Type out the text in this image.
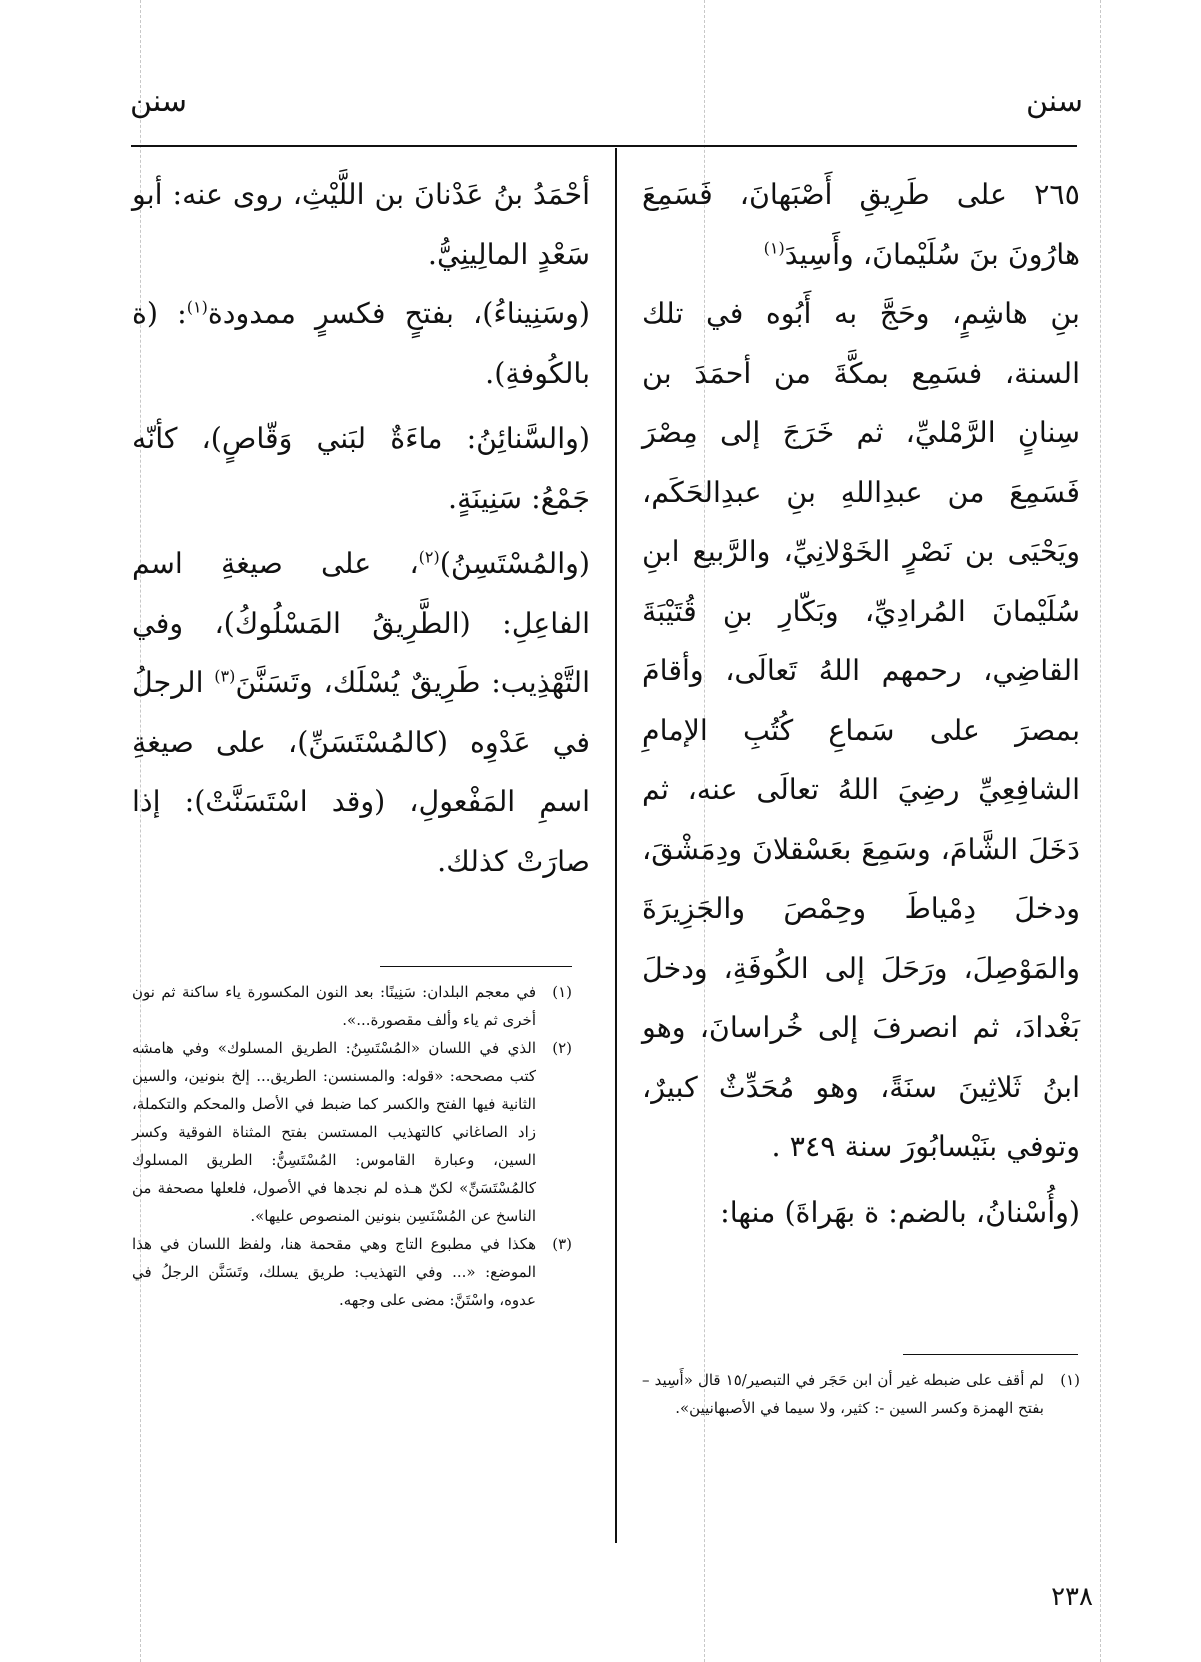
سنن
سنن

٢٦٥ على طَرِيقِ أَصْبَهانَ، فَسَمِعَ هارُونَ بنَ سُلَيْمانَ، وأَسِيدَ$^{(١)}$

بنِ هاشِمٍ، وحَجَّ به أَبُوه في تلك السنة، فسَمِع بمكَّةَ من أحمَدَ بن سِنانٍ الرَّمْليِّ، ثم خَرَجَ إلى مِصْرَ فَسَمِعَ من عبدِاللهِ بنِ عبدِالحَكَم، ويَحْيَى بن نَصْرٍ الخَوْلانِيِّ، والرَّبيع ابنِ سُلَيْمانَ المُرادِيِّ، وبَكّارِ بنِ قُتَيْبَةَ القاضِي، رحمهم اللهُ تَعالَى، وأقامَ بمصرَ على سَماعِ كُتُبِ الإمامِ الشافِعِيِّ رضِيَ اللهُ تعالَى عنه، ثم دَخَلَ الشَّامَ، وسَمِعَ بعَسْقلانَ ودِمَشْقَ، ودخلَ دِمْياطَ وحِمْصَ والجَزِيرَةَ والمَوْصِلَ، ورَحَلَ إلى الكُوفَةِ، ودخلَ بَغْدادَ، ثم انصرفَ إلى خُراسانَ، وهو ابنُ ثَلاثِينَ سنَةً، وهو مُحَدِّثٌ كبيرٌ، وتوفي بنَيْسابُورَ سنة ٣٤٩ .

(وأُسْنانُ، بالضم: ة بهَراةَ) منها:

(١)
لم أقف على ضبطه غير أن ابن حَجَر في التبصير/١٥ قال «أَسِيد – بفتح الهمزة وكسر السين -: كثير، ولا سيما في الأصبهانيين».

أحْمَدُ بنُ عَدْنانَ بن اللَّيْثِ، روى عنه: أبو سَعْدٍ المالِينِيُّ.

(وسَنِيناءُ)، بفتحٍ فكسرٍ ممدودة$^{(١)}$: (ة بالكُوفةِ).

(والسَّنائِنُ: ماءَةٌ لبَني وَقّاصٍ)، كأنّه جَمْعُ: سَنِينَةٍ.

(والمُسْتَسِنُ)$^{(٢)}$، على صيغةِ اسم الفاعِلِ: (الطَّرِيقُ المَسْلُوكُ)، وفي التَّهْذِيب: طَرِيقٌ يُسْلَك، وتَسَنَّنَ$^{(٣)}$ الرجلُ في عَدْوِه (كالمُسْتَسَنِّ)، على صيغةِ اسمِ المَفْعولِ، (وقد اسْتَسَنَّتْ): إذا صارَتْ كذلك.

(١)
في معجم البلدان: سَنِينًا: بعد النون المكسورة ياء ساكنة ثم نون أخرى ثم ياء وألف مقصورة...».
(٢)
الذي في اللسان «المُسْتَسِنُ: الطريق المسلوك» وفي هامشه كتب مصححه: «قوله: والمسنسن: الطريق... إلخ بنونين، والسين الثانية فيها الفتح والكسر كما ضبط في الأصل والمحكم والتكملة، زاد الصاغاني كالتهذيب المستسن بفتح المثناة الفوقية وكسر السين، وعبارة القاموس: المُسْتَسِنُّ: الطريق المسلوك كالمُسْتَسَنِّ» لكنّ هـذه لم نجدها في الأصول، فلعلها مصحفة من الناسخ عن المُسْنَسِن بنونين المنصوص عليها».
(٣)
هكذا في مطبوع التاج وهي مقحمة هنا، ولفظ اللسان في هذا الموضع: «... وفي التهذيب: طريق يسلك، وتَسَنَّن الرجلُ في عدوه، واسْتَنَّ: مضى على وجهه.
٢٣٨
